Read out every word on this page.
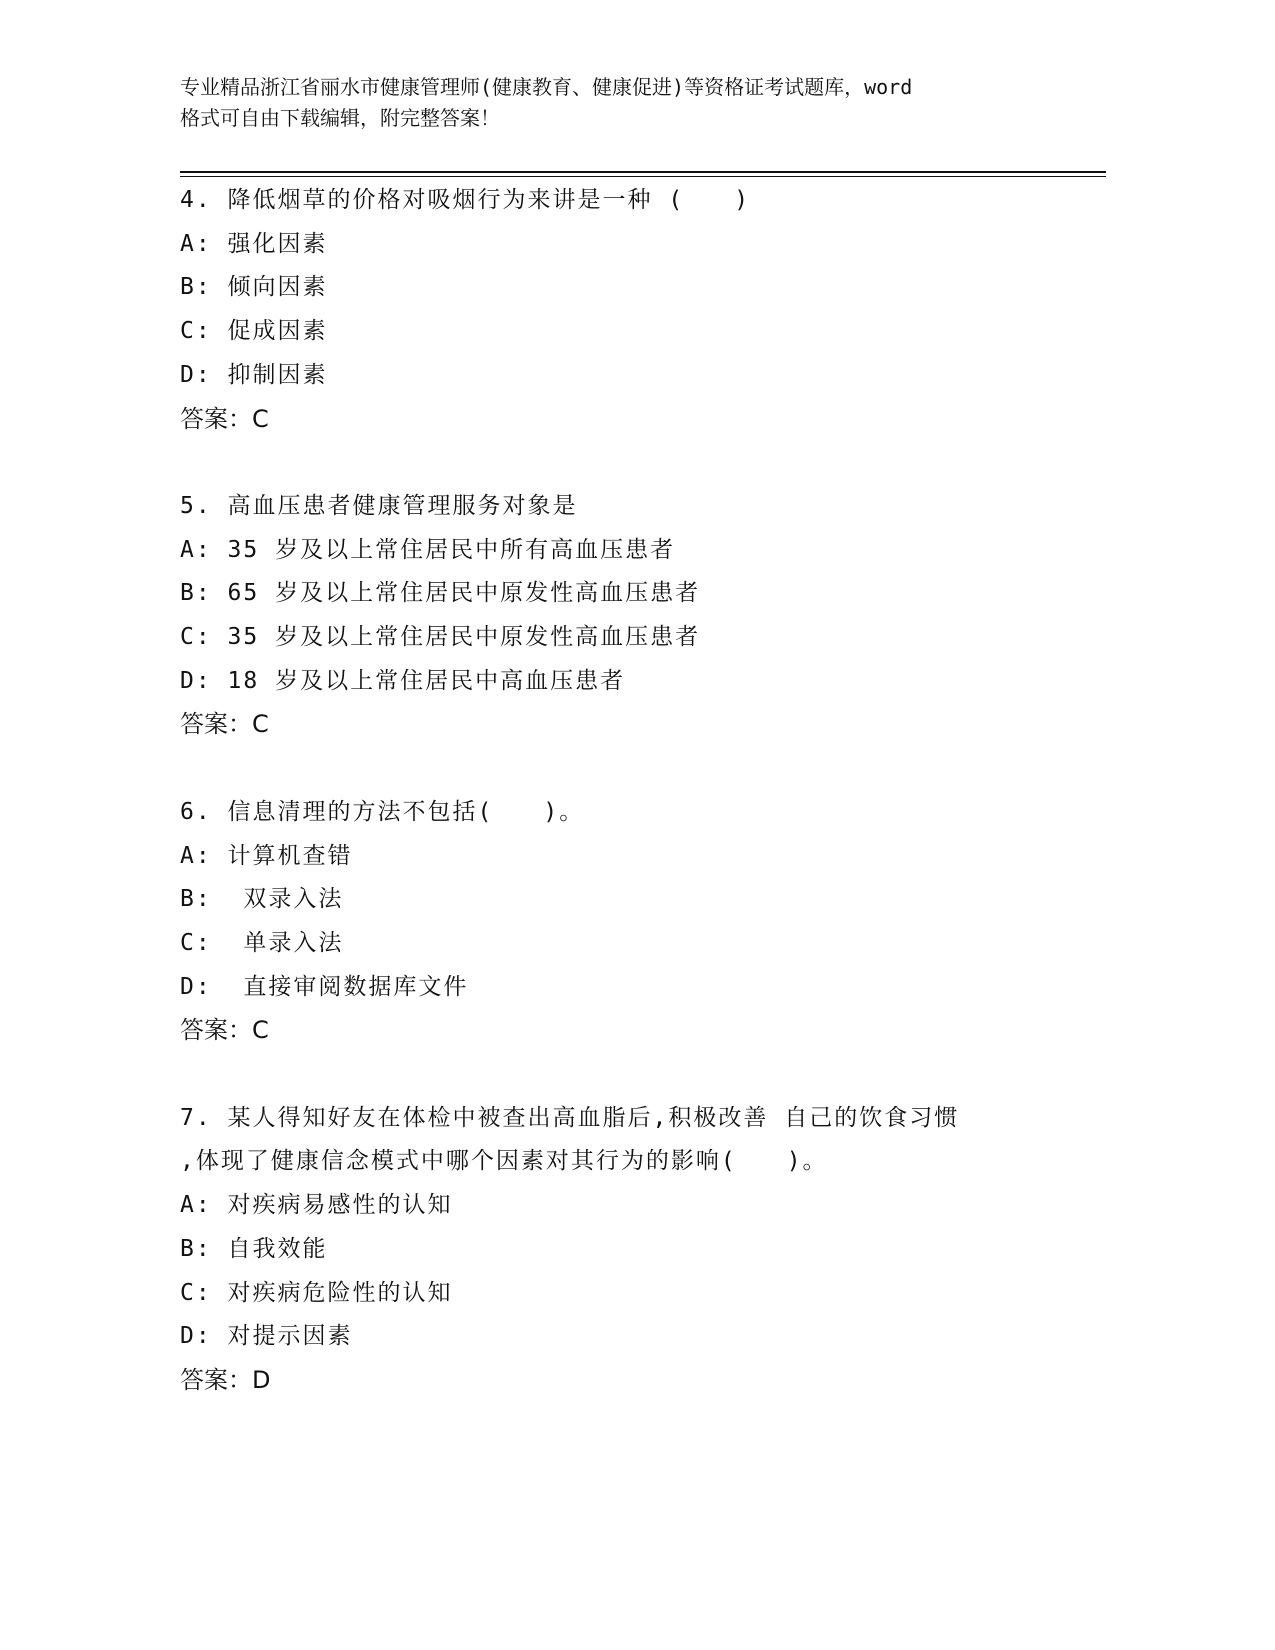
专业精品浙江省丽水市健康管理师(健康教育、健康促进)等资格证考试题库，word
格式可自由下载编辑，附完整答案！
4. 降低烟草的价格对吸烟行为来讲是一种 (　　)
A: 强化因素
B: 倾向因素
C: 促成因素
D: 抑制因素
答案：C
5. 高血压患者健康管理服务对象是
A: 35 岁及以上常住居民中所有高血压患者
B: 65 岁及以上常住居民中原发性高血压患者
C: 35 岁及以上常住居民中原发性高血压患者
D: 18 岁及以上常住居民中高血压患者
答案：C
6. 信息清理的方法不包括(　　)。
A: 计算机查错
B:  双录入法
C:  单录入法
D:  直接审阅数据库文件
答案：C
7. 某人得知好友在体检中被查出高血脂后,积极改善 自己的饮食习惯
,体现了健康信念模式中哪个因素对其行为的影响(　　)。
A: 对疾病易感性的认知
B: 自我效能
C: 对疾病危险性的认知
D: 对提示因素
答案：D
